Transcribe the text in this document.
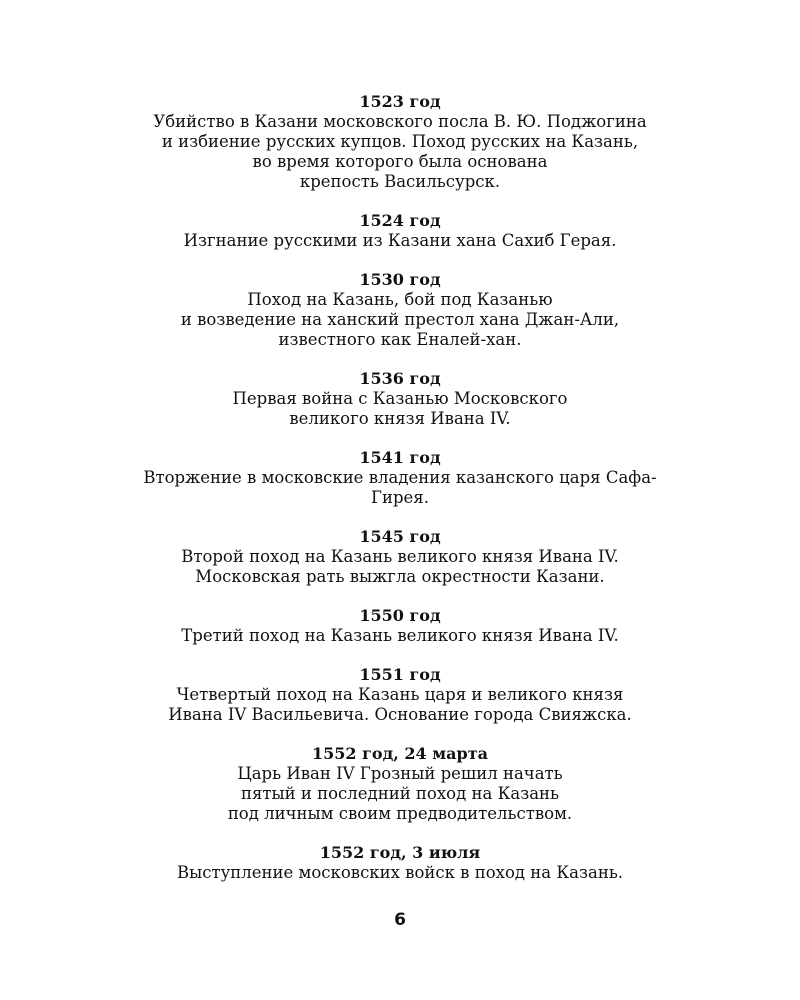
1523 год

Убийство в Казани московского посла В. Ю. Поджогина

и избиение русских купцов. Поход русских на Казань,

во время которого была основана

крепость Васильсурск.

1524 год

Изгнание русскими из Казани хана Сахиб Герая.

1530 год

Поход на Казань, бой под Казанью

и возведение на ханский престол хана Джан-Али,

известного как Еналей-хан.

1536 год

Первая война с Казанью Московского

великого князя Ивана IV.

1541 год

Вторжение в московские владения казанского царя Сафа-

Гирея.

1545 год

Второй поход на Казань великого князя Ивана IV.

Московская рать выжгла окрестности Казани.

1550 год

Третий поход на Казань великого князя Ивана IV.

1551 год

Четвертый поход на Казань царя и великого князя

Ивана IV Васильевича. Основание города Свияжска.

1552 год, 24 марта

Царь Иван IV Грозный решил начать

пятый и последний поход на Казань

под личным своим предводительством.

1552 год, 3 июля

Выступление московских войск в поход на Казань.

6
